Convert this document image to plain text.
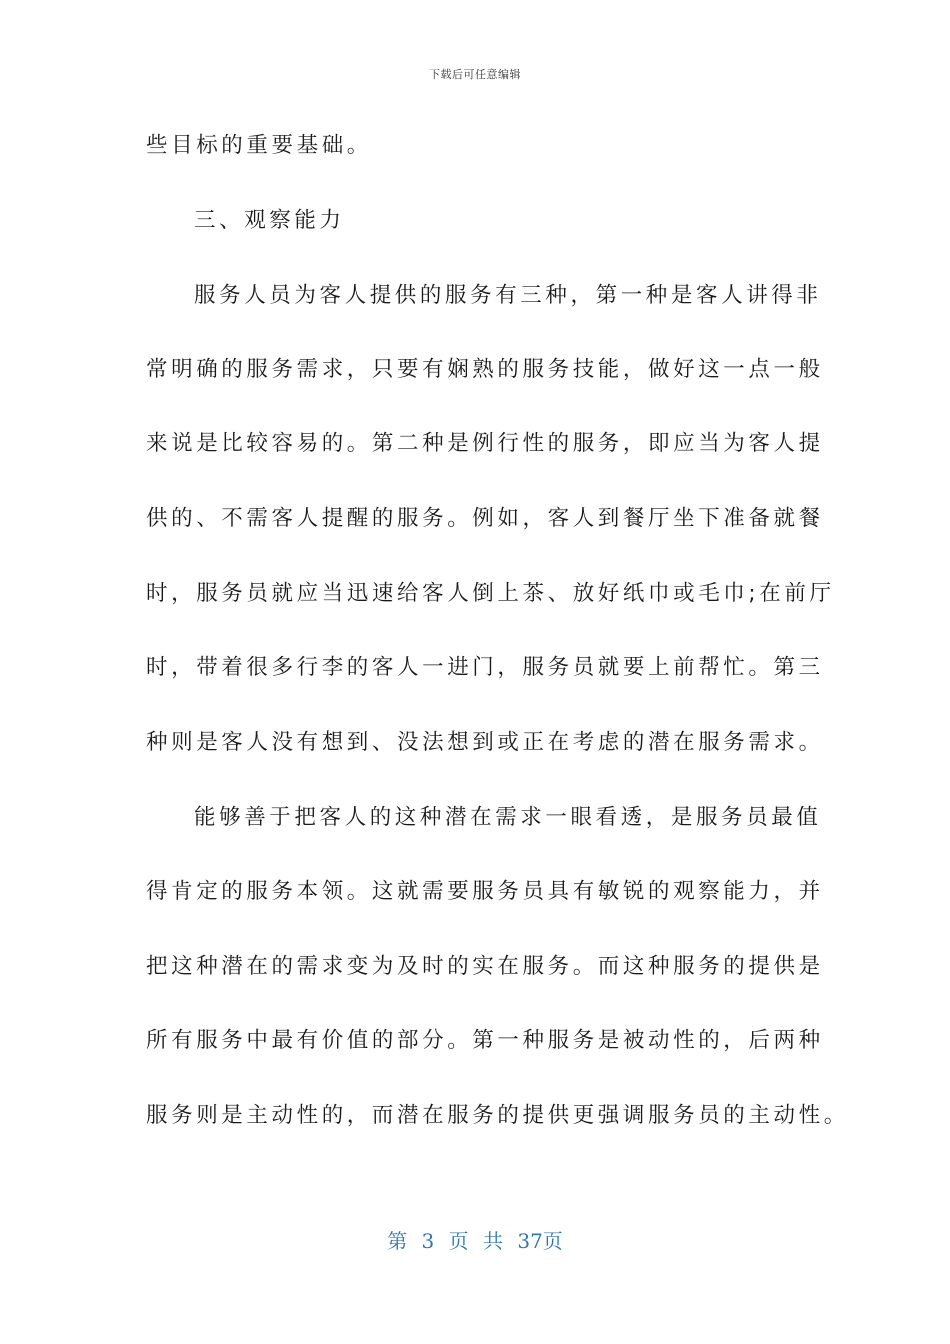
下载后可任意编辑
些目标的重要基础。
三、观察能力
服务人员为客人提供的服务有三种，第一种是客人讲得非
常明确的服务需求，只要有娴熟的服务技能，做好这一点一般
来说是比较容易的。第二种是例行性的服务，即应当为客人提
供的、不需客人提醒的服务。例如，客人到餐厅坐下准备就餐
时，服务员就应当迅速给客人倒上茶、放好纸巾或毛巾;在前厅
时，带着很多行李的客人一进门，服务员就要上前帮忙。第三
种则是客人没有想到、没法想到或正在考虑的潜在服务需求。
能够善于把客人的这种潜在需求一眼看透，是服务员最值
得肯定的服务本领。这就需要服务员具有敏锐的观察能力，并
把这种潜在的需求变为及时的实在服务。而这种服务的提供是
所有服务中最有价值的部分。第一种服务是被动性的，后两种
服务则是主动性的，而潜在服务的提供更强调服务员的主动性。
第 3 页 共 37页
